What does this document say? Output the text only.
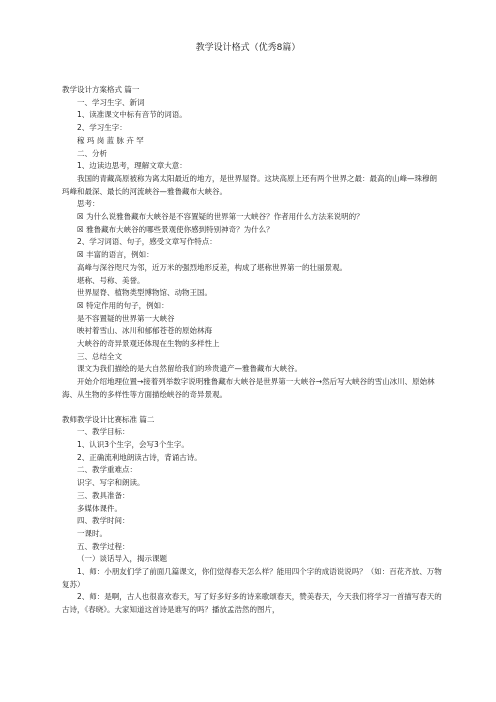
教学设计格式（优秀8篇）
教学设计方案格式 篇一
一、学习生字、新词
1、读准课文中标有音节的词语。
2、学习生字：
稼 玛 岗 蓝 脉 卉 罕
二、分析
1、边读边思考，理解文章大意：
我国的青藏高原被称为离太阳最近的地方，是世界屋脊。这块高原上还有两个世界之最：最高的山峰—珠穆朗玛峰和最深、最长的河流峡谷—雅鲁藏布大峡谷。
思考：
☒ 为什么说雅鲁藏布大峡谷是不容置疑的世界第一大峡谷？作者用什么方法来说明的？
☒ 雅鲁藏布大峡谷的哪些景观使你感到特别神奇？为什么？
2、学习词语、句子，感受文章写作特点：
☒ 丰富的语言，例如：
高峰与深谷咫尺为邻，近万米的强烈地形反差，构成了堪称世界第一的壮丽景观。
堪称、号称、美誉。
世界屋脊、植物类型博物馆、动物王国。
☒ 特定作用的句子，例如：
是不容置疑的世界第一大峡谷
映衬着雪山、冰川和郁郁苍苍的原始林海
大峡谷的奇异景观还体现在生物的多样性上
三、总结全文
课文为我们描绘的是大自然留给我们的珍贵遗产—雅鲁藏布大峡谷。
开始介绍地理位置→接着列举数字说明雅鲁藏布大峡谷是世界第一大峡谷→然后写大峡谷的雪山冰川、原始林海、从生物的多样性等方面描绘峡谷的奇异景观。
教师教学设计比赛标准 篇二
一、教学目标：
1、认识3个生字，会写3个生字。
2、正确流利地朗读古诗，背诵古诗。
二、教学重难点：
识字、写字和朗读。
三、教具准备：
多媒体课件。
四、教学时间：
一课时。
五、教学过程：
（一）谈话导入，揭示课题
1、师：小朋友们学了前面几篇课文，你们觉得春天怎么样？能用四个字的成语说说吗？（如：百花齐放、万物复苏）
2、师：是啊，古人也很喜欢春天，写了好多好多的诗来歌颂春天，赞美春天，今天我们将学习一首描写春天的古诗，《春晓》。大家知道这首诗是谁写的吗？播放孟浩然的图片，
